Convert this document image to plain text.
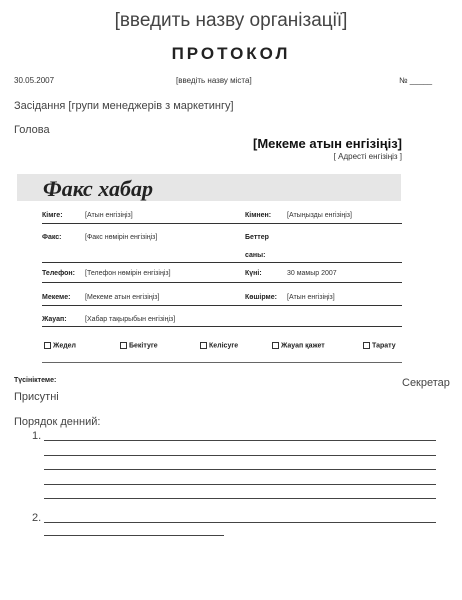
[введить назву організації]
ПРОТОКОЛ
30.05.2007	[введіть назву міста]	№ _____
Засідання [групи менеджерів з маркетингу]
Голова
[Мекеме атын енгізіңіз]
[ Адресті енгізіңіз ]
Факс хабар
Кімге:	[Атын енгізіңіз]	Кімнен: [Атыңызды енгізіңіз]
Факс:	[Факс нөмірін енгізіңіз]	Беттер
саны:
Телефон: [Телефон нөмірін енгізіңіз]	Күні:	30 мамыр 2007
Мекеме: [Мекеме атын енгізіңіз]	Көшірме: [Атын енгізіңіз]
Жауап:	[Хабар тақырыбын енгізіңіз]
Жедел	Бекітуге	Келісуге	Жауап қажет	Тарату
Түсініктеме:	Секретар
Присутні
Порядок денний:
1.
2.
